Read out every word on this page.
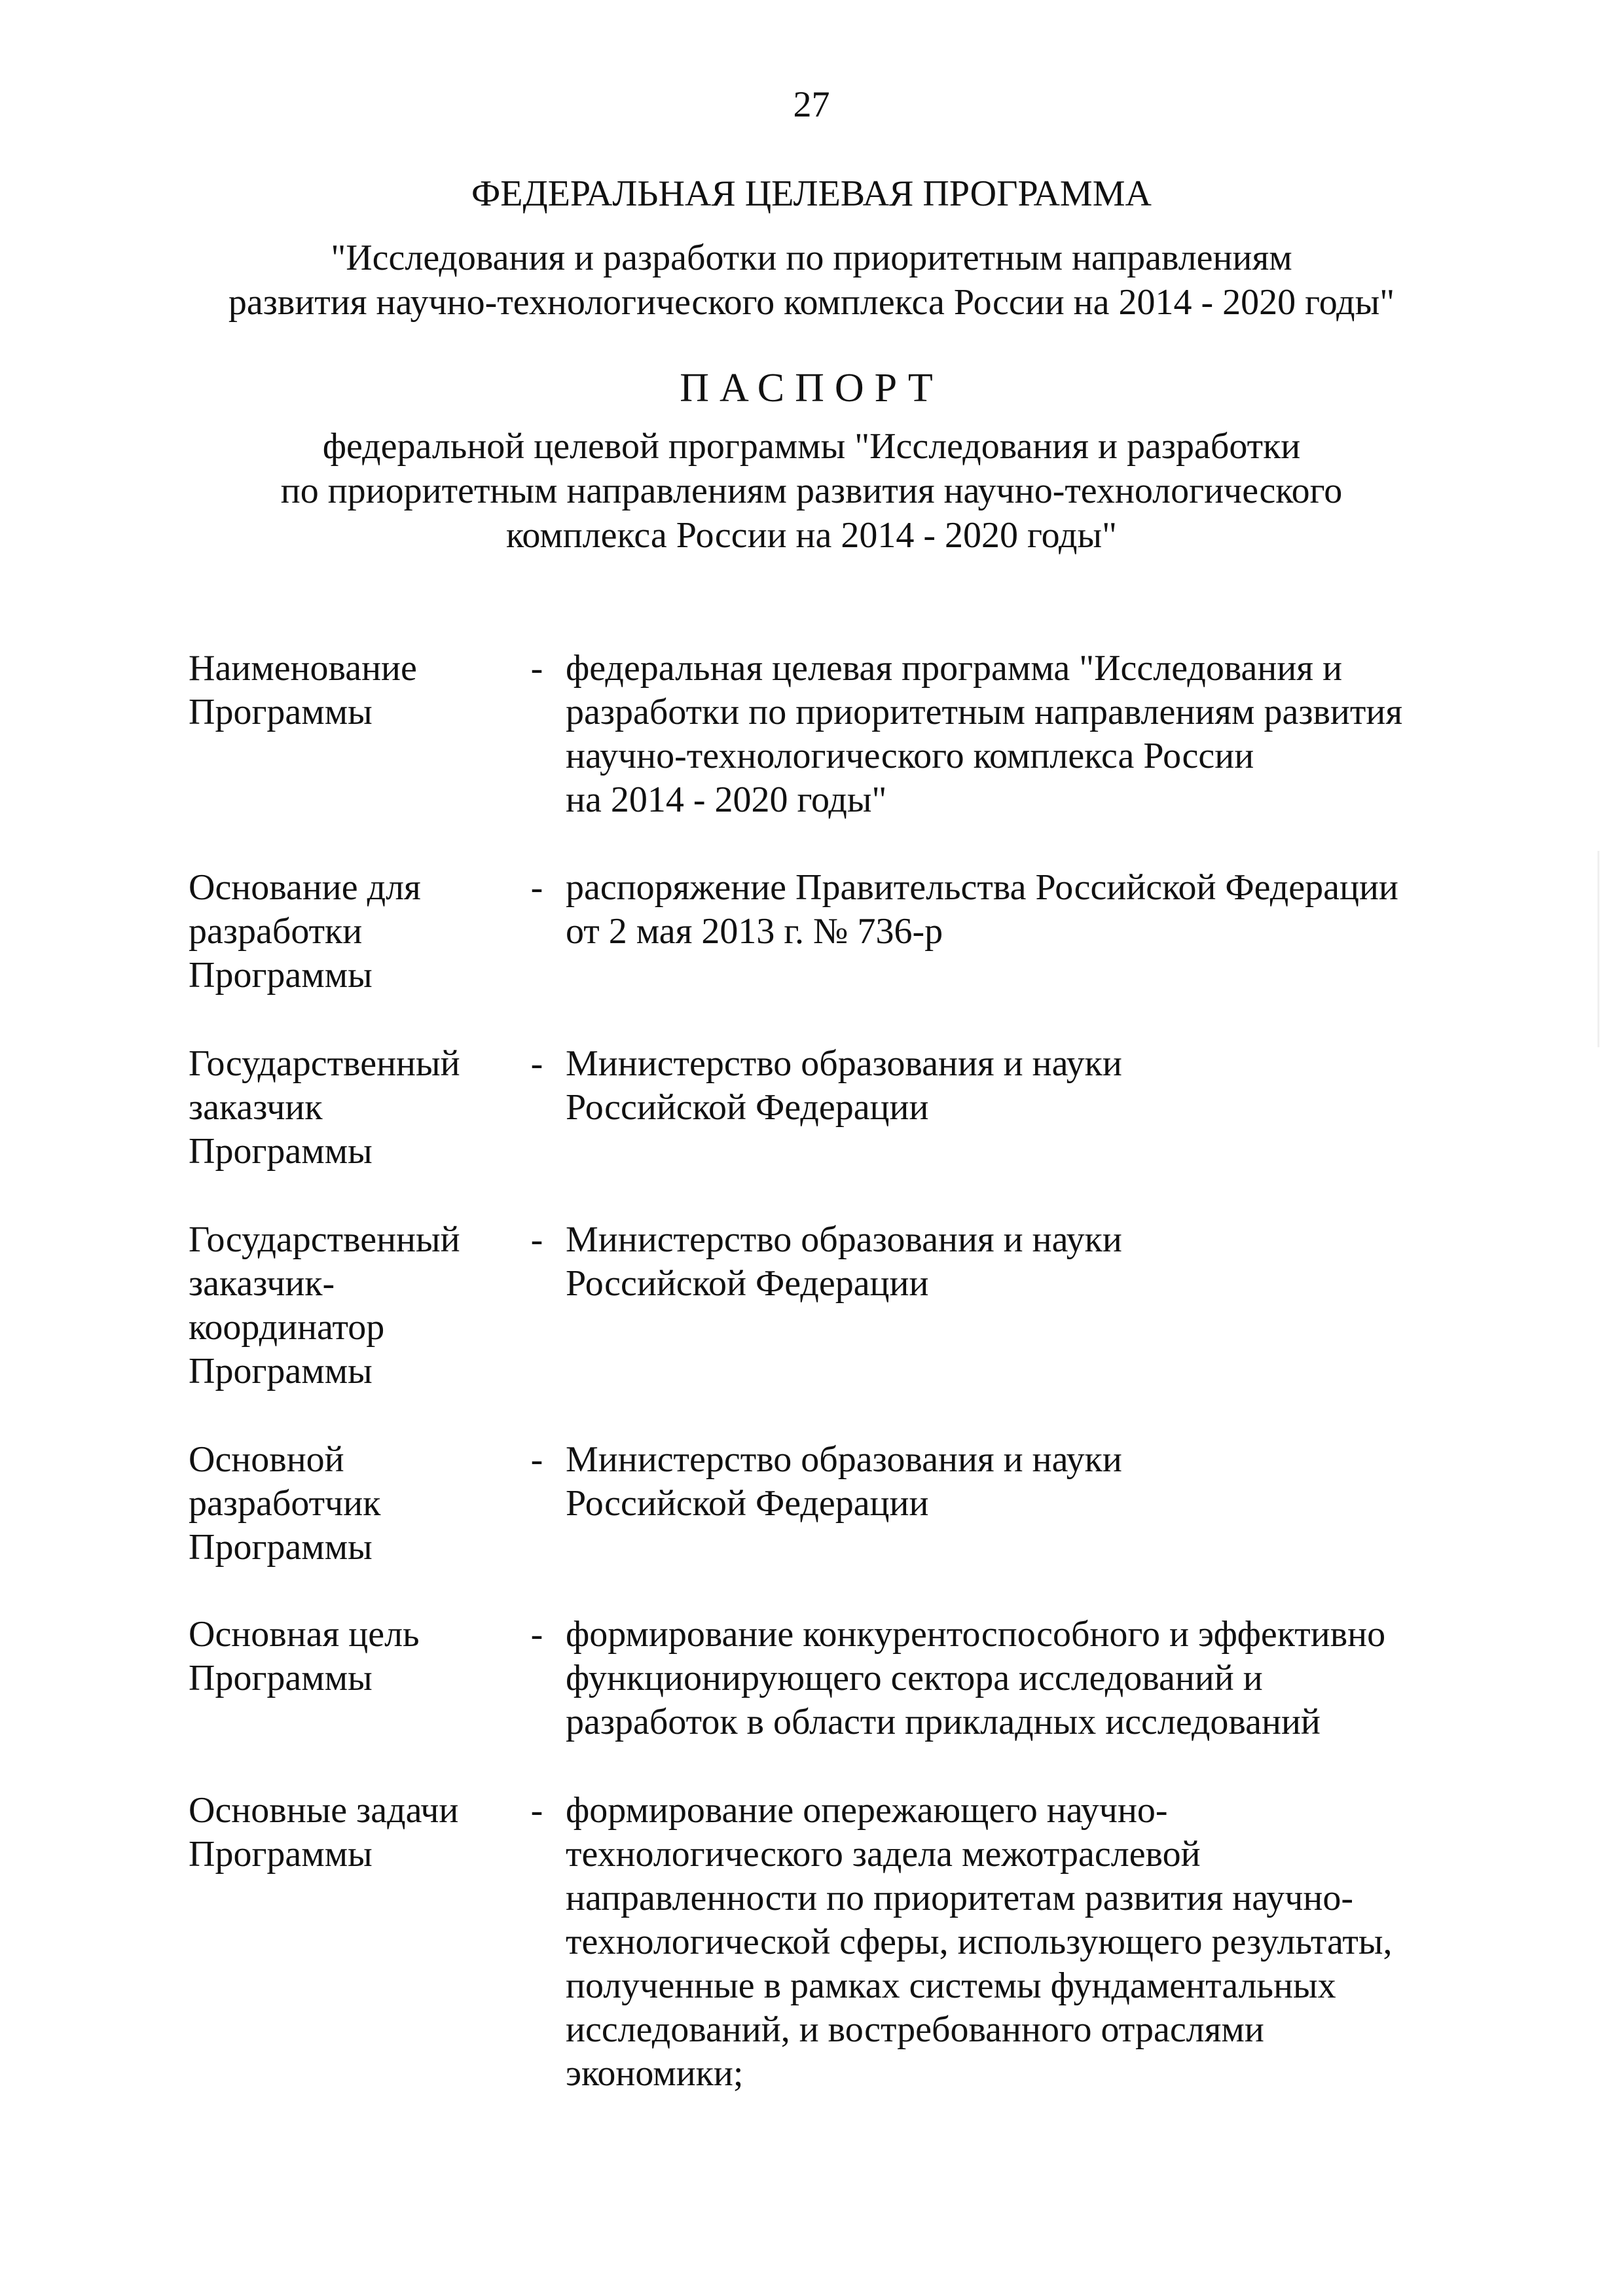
27
ФЕДЕРАЛЬНАЯ ЦЕЛЕВАЯ ПРОГРАММА
"Исследования и разработки по приоритетным направлениям
развития научно-технологического комплекса России на 2014 - 2020 годы"
ПАСПОРТ
федеральной целевой программы "Исследования и разработки
по приоритетным направлениям развития научно-технологического
комплекса России на 2014 - 2020 годы"
Наименование
Программы
- федеральная целевая программа "Исследования и
разработки по приоритетным направлениям развития
научно-технологического комплекса России
на 2014 - 2020 годы"
Основание для
разработки
Программы
- распоряжение Правительства Российской Федерации
от 2 мая 2013 г. № 736-р
Государственный
заказчик
Программы
- Министерство образования и науки
Российской Федерации
Государственный
заказчик-
координатор
Программы
- Министерство образования и науки
Российской Федерации
Основной
разработчик
Программы
- Министерство образования и науки
Российской Федерации
Основная цель
Программы
- формирование конкурентоспособного и эффективно
функционирующего сектора исследований и
разработок в области прикладных исследований
Основные задачи
Программы
- формирование опережающего научно-
технологического задела межотраслевой
направленности по приоритетам развития научно-
технологической сферы, использующего результаты,
полученные в рамках системы фундаментальных
исследований, и востребованного отраслями
экономики;
